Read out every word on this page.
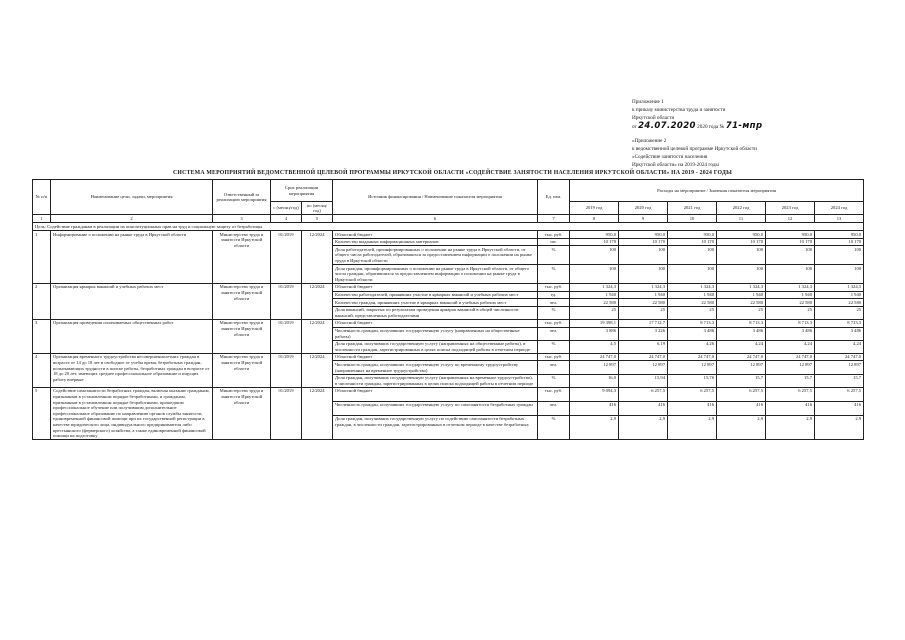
Приложение 1
к приказу министерства труда и занятости
Иркутской области
от 24.07.2020 2020 года № 71-мпр
«Приложение 2
к ведомственной целевой программе Иркутской области
«Содействие занятости населения
Иркутской области» на 2019-2024 годы
СИСТЕМА МЕРОПРИЯТИЙ ВЕДОМСТВЕННОЙ ЦЕЛЕВОЙ ПРОГРАММЫ ИРКУТСКОЙ ОБЛАСТИ «СОДЕЙСТВИЕ ЗАНЯТОСТИ НАСЕЛЕНИЯ ИРКУТСКОЙ ОБЛАСТИ» НА 2019 - 2024 ГОДЫ
№ п/п	Наименование цели, задачи, мероприятия	Ответственный за реализацию мероприятия	Срок реализации мероприятия		Источник финансирования / Наименование показателя мероприятия	Ед. изм.	Расходы на мероприятие / Значения показателя мероприятия					
			с (месяц/год)	по (месяц/год)			2019 год	2020 год	2021 год	2022 год	2023 год	2024 год
1	2	3	4	5	6	7	8	9	10	11	12	13
Цель: Содействие гражданам в реализации их конституционных прав на труд и социальную защиту от безработицы												
1	Информирование о положении на рынке труда в Иркутской области	Министерство труда и занятости Иркутской области	01/2019	12/2024	Областной бюджет	тыс. руб.	950,0	950,0	950,0	950,0	950,0	950,0
					Количество выданных информационных материалов	шт.	10 170	10 170	10 170	10 170	10 170	10 170
					Доля работодателей, проинформированных о положении на рынке труда в Иркутской области, от общего числа работодателей, обратившихся за предоставлением информации о положении на рынке труда в Иркутской области	%	100	100	100	100	100	100
					Доля граждан, проинформированных о положении на рынке труда в Иркутской области, от общего числа граждан, обратившихся за предоставлением информации о положении на рынке труда в Иркутской области	%	100	100	100	100	100	100
2	Организация ярмарок вакансий и учебных рабочих мест	Министерство труда и занятости Иркутской области	01/2019	12/2024	Областной бюджет	тыс. руб.	1 324,3	1 324,3	1 324,3	1 324,3	1 324,3	1 324,3
					Количество работодателей, принявших участие в ярмарках вакансий и учебных рабочих мест	ед.	1 940	1 940	1 940	1 940	1 940	1 940
					Количество граждан, принявших участие в ярмарках вакансий и учебных рабочих мест	чел.	22 580	22 580	22 580	22 580	22 580	22 580
					Доля вакансий, закрытых по результатам проведения ярмарок вакансий в общей численности вакансий, представленных работодателями	%	25	25	25	25	25	25
3	Организация проведения оплачиваемых общественных работ	Министерство труда и занятости Иркутской области	01/2019	12/2024	Областной бюджет	тыс. руб.	19 398,1	17 712,7	8 713,3	8 713,3	8 713,3	8 713,3
					Численность граждан, получивших государственную услугу (направленных на общественные работы)	чел.	3 886	3 226	3 486	3 486	3 486	3 486
					Доля граждан, получивших государственную услугу (направленных на общественные работы), в численности граждан, зарегистрированных в целях поиска подходящей работы в отчетном периоде	%	4,5	6,19	4,26	4,24	4,24	4,24
4	Организация временного трудоустройства несовершеннолетних граждан в возрасте от 14 до 18 лет в свободное от учебы время, безработных граждан, испытывающих трудности в поиске работы, безработных граждан в возрасте от 18 до 20 лет, имеющих среднее профессиональное образование и ищущих работу впервые	Министерство труда и занятости Иркутской области	01/2019	12/2024	Областной бюджет	тыс. руб.	24 747,0	24 747,0	24 747,0	24 747,0	24 747,0	24 747,0
					Численность граждан, получивших государственную услугу по временному трудоустройству (направленных на временное трудоустройство)	чел.	12 897	12 897	12 897	12 897	12 897	12 897
					Доля граждан, получивших государственную услугу (направленных на временное трудоустройство), в численности граждан, зарегистрированных в целях поиска подходящей работы в отчетном периоде	%	16,0	15,94	15,76	15,7	15,7	15,7
5	Содействие самозанятости безработных граждан, включая оказание гражданам, признанным в установленном порядке безработными, и гражданам, признанным в установленном порядке безработными, прошедшим профессиональное обучение или получившим дополнительное профессиональное образование по направлению органов службы занятости, единовременной финансовой помощи при их государственной регистрации в качестве юридического лица, индивидуального предпринимателя либо крестьянского (фермерского) хозяйства, а также единовременной финансовой помощи на подготовку	Министерство труда и занятости Иркутской области	01/2019	12/2024	Областной бюджет	тыс. руб.	9 094,3	6 257,5	6 257,5	6 257,5	6 257,5	6 257,5
					Численность граждан, получивших государственную услугу по самозанятости безработных граждан	чел.	416	416	416	416	416	416
					Доля граждан, получивших государственную услугу по содействию самозанятости безработных граждан, в численности граждан, зарегистрированных в отчетном периоде в качестве безработных	%	2,9	2,9	2,9	2,9	2,9	2,9
